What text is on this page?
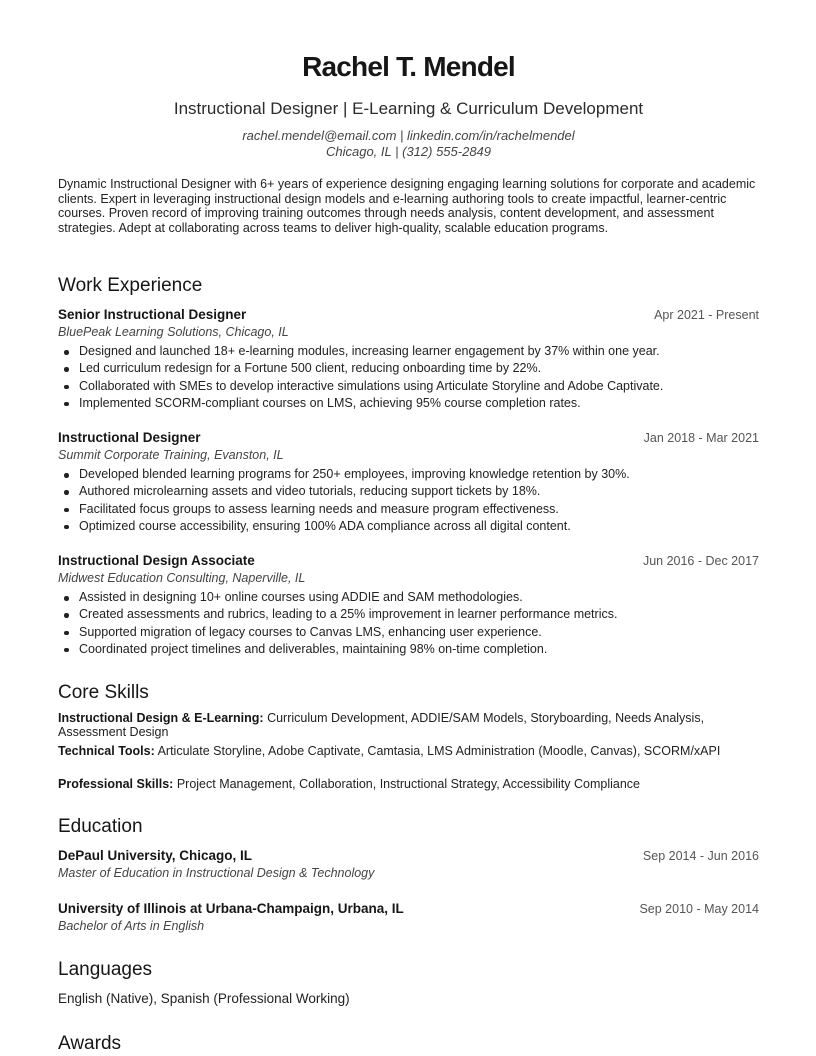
Rachel T. Mendel
Instructional Designer | E-Learning & Curriculum Development
rachel.mendel@email.com | linkedin.com/in/rachelmendel
Chicago, IL | (312) 555-2849
Dynamic Instructional Designer with 6+ years of experience designing engaging learning solutions for corporate and academic clients. Expert in leveraging instructional design models and e-learning authoring tools to create impactful, learner-centric courses. Proven record of improving training outcomes through needs analysis, content development, and assessment strategies. Adept at collaborating across teams to deliver high-quality, scalable education programs.
Work Experience
Senior Instructional Designer	Apr 2021 - Present
BluePeak Learning Solutions, Chicago, IL
Designed and launched 18+ e-learning modules, increasing learner engagement by 37% within one year.
Led curriculum redesign for a Fortune 500 client, reducing onboarding time by 22%.
Collaborated with SMEs to develop interactive simulations using Articulate Storyline and Adobe Captivate.
Implemented SCORM-compliant courses on LMS, achieving 95% course completion rates.
Instructional Designer	Jan 2018 - Mar 2021
Summit Corporate Training, Evanston, IL
Developed blended learning programs for 250+ employees, improving knowledge retention by 30%.
Authored microlearning assets and video tutorials, reducing support tickets by 18%.
Facilitated focus groups to assess learning needs and measure program effectiveness.
Optimized course accessibility, ensuring 100% ADA compliance across all digital content.
Instructional Design Associate	Jun 2016 - Dec 2017
Midwest Education Consulting, Naperville, IL
Assisted in designing 10+ online courses using ADDIE and SAM methodologies.
Created assessments and rubrics, leading to a 25% improvement in learner performance metrics.
Supported migration of legacy courses to Canvas LMS, enhancing user experience.
Coordinated project timelines and deliverables, maintaining 98% on-time completion.
Core Skills
Instructional Design & E-Learning: Curriculum Development, ADDIE/SAM Models, Storyboarding, Needs Analysis, Assessment Design
Technical Tools: Articulate Storyline, Adobe Captivate, Camtasia, LMS Administration (Moodle, Canvas), SCORM/xAPI
Professional Skills: Project Management, Collaboration, Instructional Strategy, Accessibility Compliance
Education
DePaul University, Chicago, IL	Sep 2014 - Jun 2016
Master of Education in Instructional Design & Technology
University of Illinois at Urbana-Champaign, Urbana, IL	Sep 2010 - May 2014
Bachelor of Arts in English
Languages
English (Native), Spanish (Professional Working)
Awards
